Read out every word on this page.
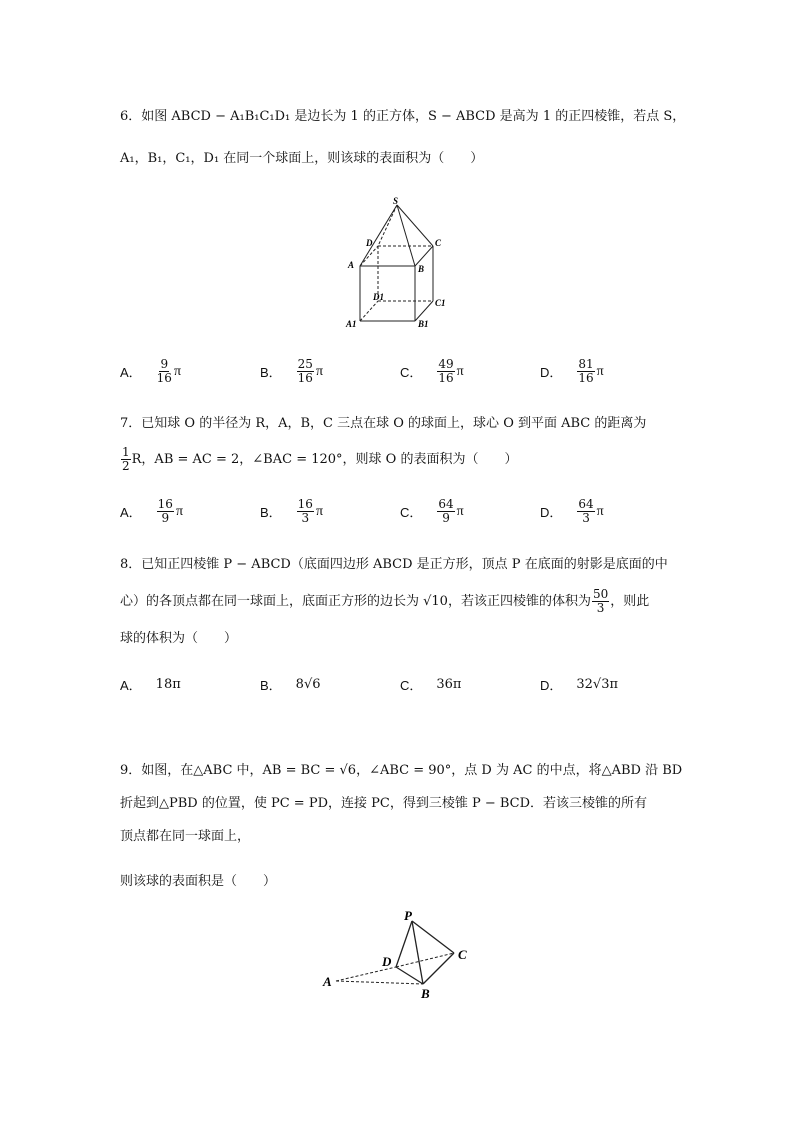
6．如图 ABCD − A₁B₁C₁D₁ 是边长为 1 的正方体，S − ABCD 是高为 1 的正四棱锥，若点 S，
A₁，B₁，C₁，D₁ 在同一个球面上，则该球的表面积为（　　）
S
A	B
C
D
A1	B1
C1
D1
A． $\frac{9}{16}$ π	B． $\frac{25}{16}$ π	C． $\frac{49}{16}$ π	D． $\frac{81}{16}$ π
7．已知球 O 的半径为 R，A，B，C 三点在球 O 的球面上，球心 O 到平面 ABC 的距离为
$\frac{1}{2}$ R，AB = AC = 2，∠BAC = 120°，则球 O 的表面积为（　　）
A． $\frac{16}{9}$ π	B． $\frac{16}{3}$ π	C． $\frac{64}{9}$ π	D． $\frac{64}{3}$ π
8．已知正四棱锥 P − ABCD（底面四边形 ABCD 是正方形，顶点 P 在底面的射影是底面的中
心）的各顶点都在同一球面上，底面正方形的边长为 √10，若该正四棱锥的体积为 $\frac{50}{3}$ ，则此
球的体积为（　　）
A． 18π	B． 8√6	C． 36π	D． 32√3π
9．如图，在△ABC 中，AB = BC = √6，∠ABC = 90°，点 D 为 AC 的中点，将△ABD 沿 BD
折起到△PBD 的位置，使 PC = PD，连接 PC，得到三棱锥 P − BCD．若该三棱锥的所有
顶点都在同一球面上，
则该球的表面积是（　　）
P
A
B
C
D
